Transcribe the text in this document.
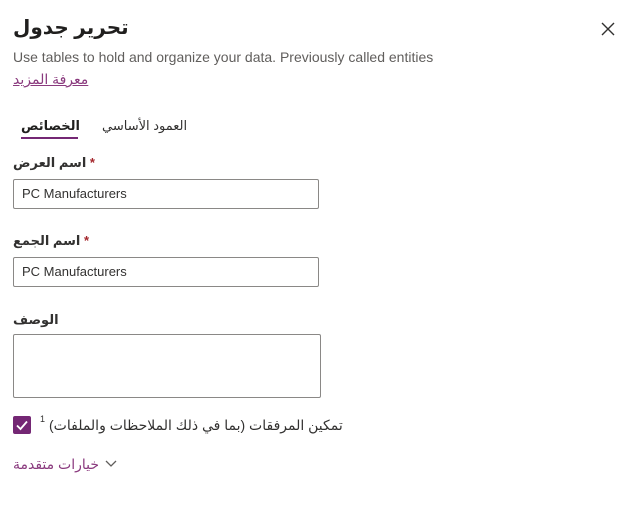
تحرير جدول
Use tables to hold and organize your data. Previously called entities
معرفة المزيد
الخصائص العمود الأساسي
اسم العرض *
PC Manufacturers
اسم الجمع *
PC Manufacturers
الوصف
1 تمكين المرفقات (بما في ذلك الملاحظات والملفات)
خيارات متقدمة
